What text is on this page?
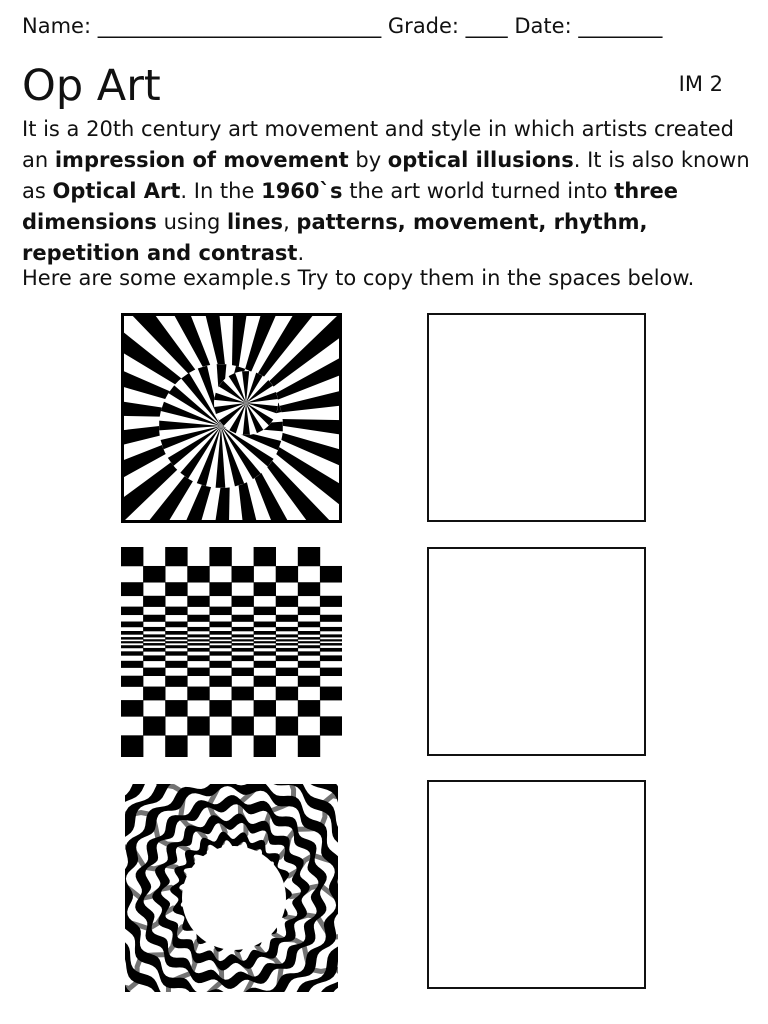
Name: ___________________________ Grade: ____ Date: ________
Op Art	IM 2
It is a 20th century art movement and style in which artists created an impression of movement by optical illusions. It is also known as Optical Art. In the 1960`s the art world turned into three dimensions using lines, patterns, movement, rhythm, repetition and contrast.
Here are some example.s Try to copy them in the spaces below.
